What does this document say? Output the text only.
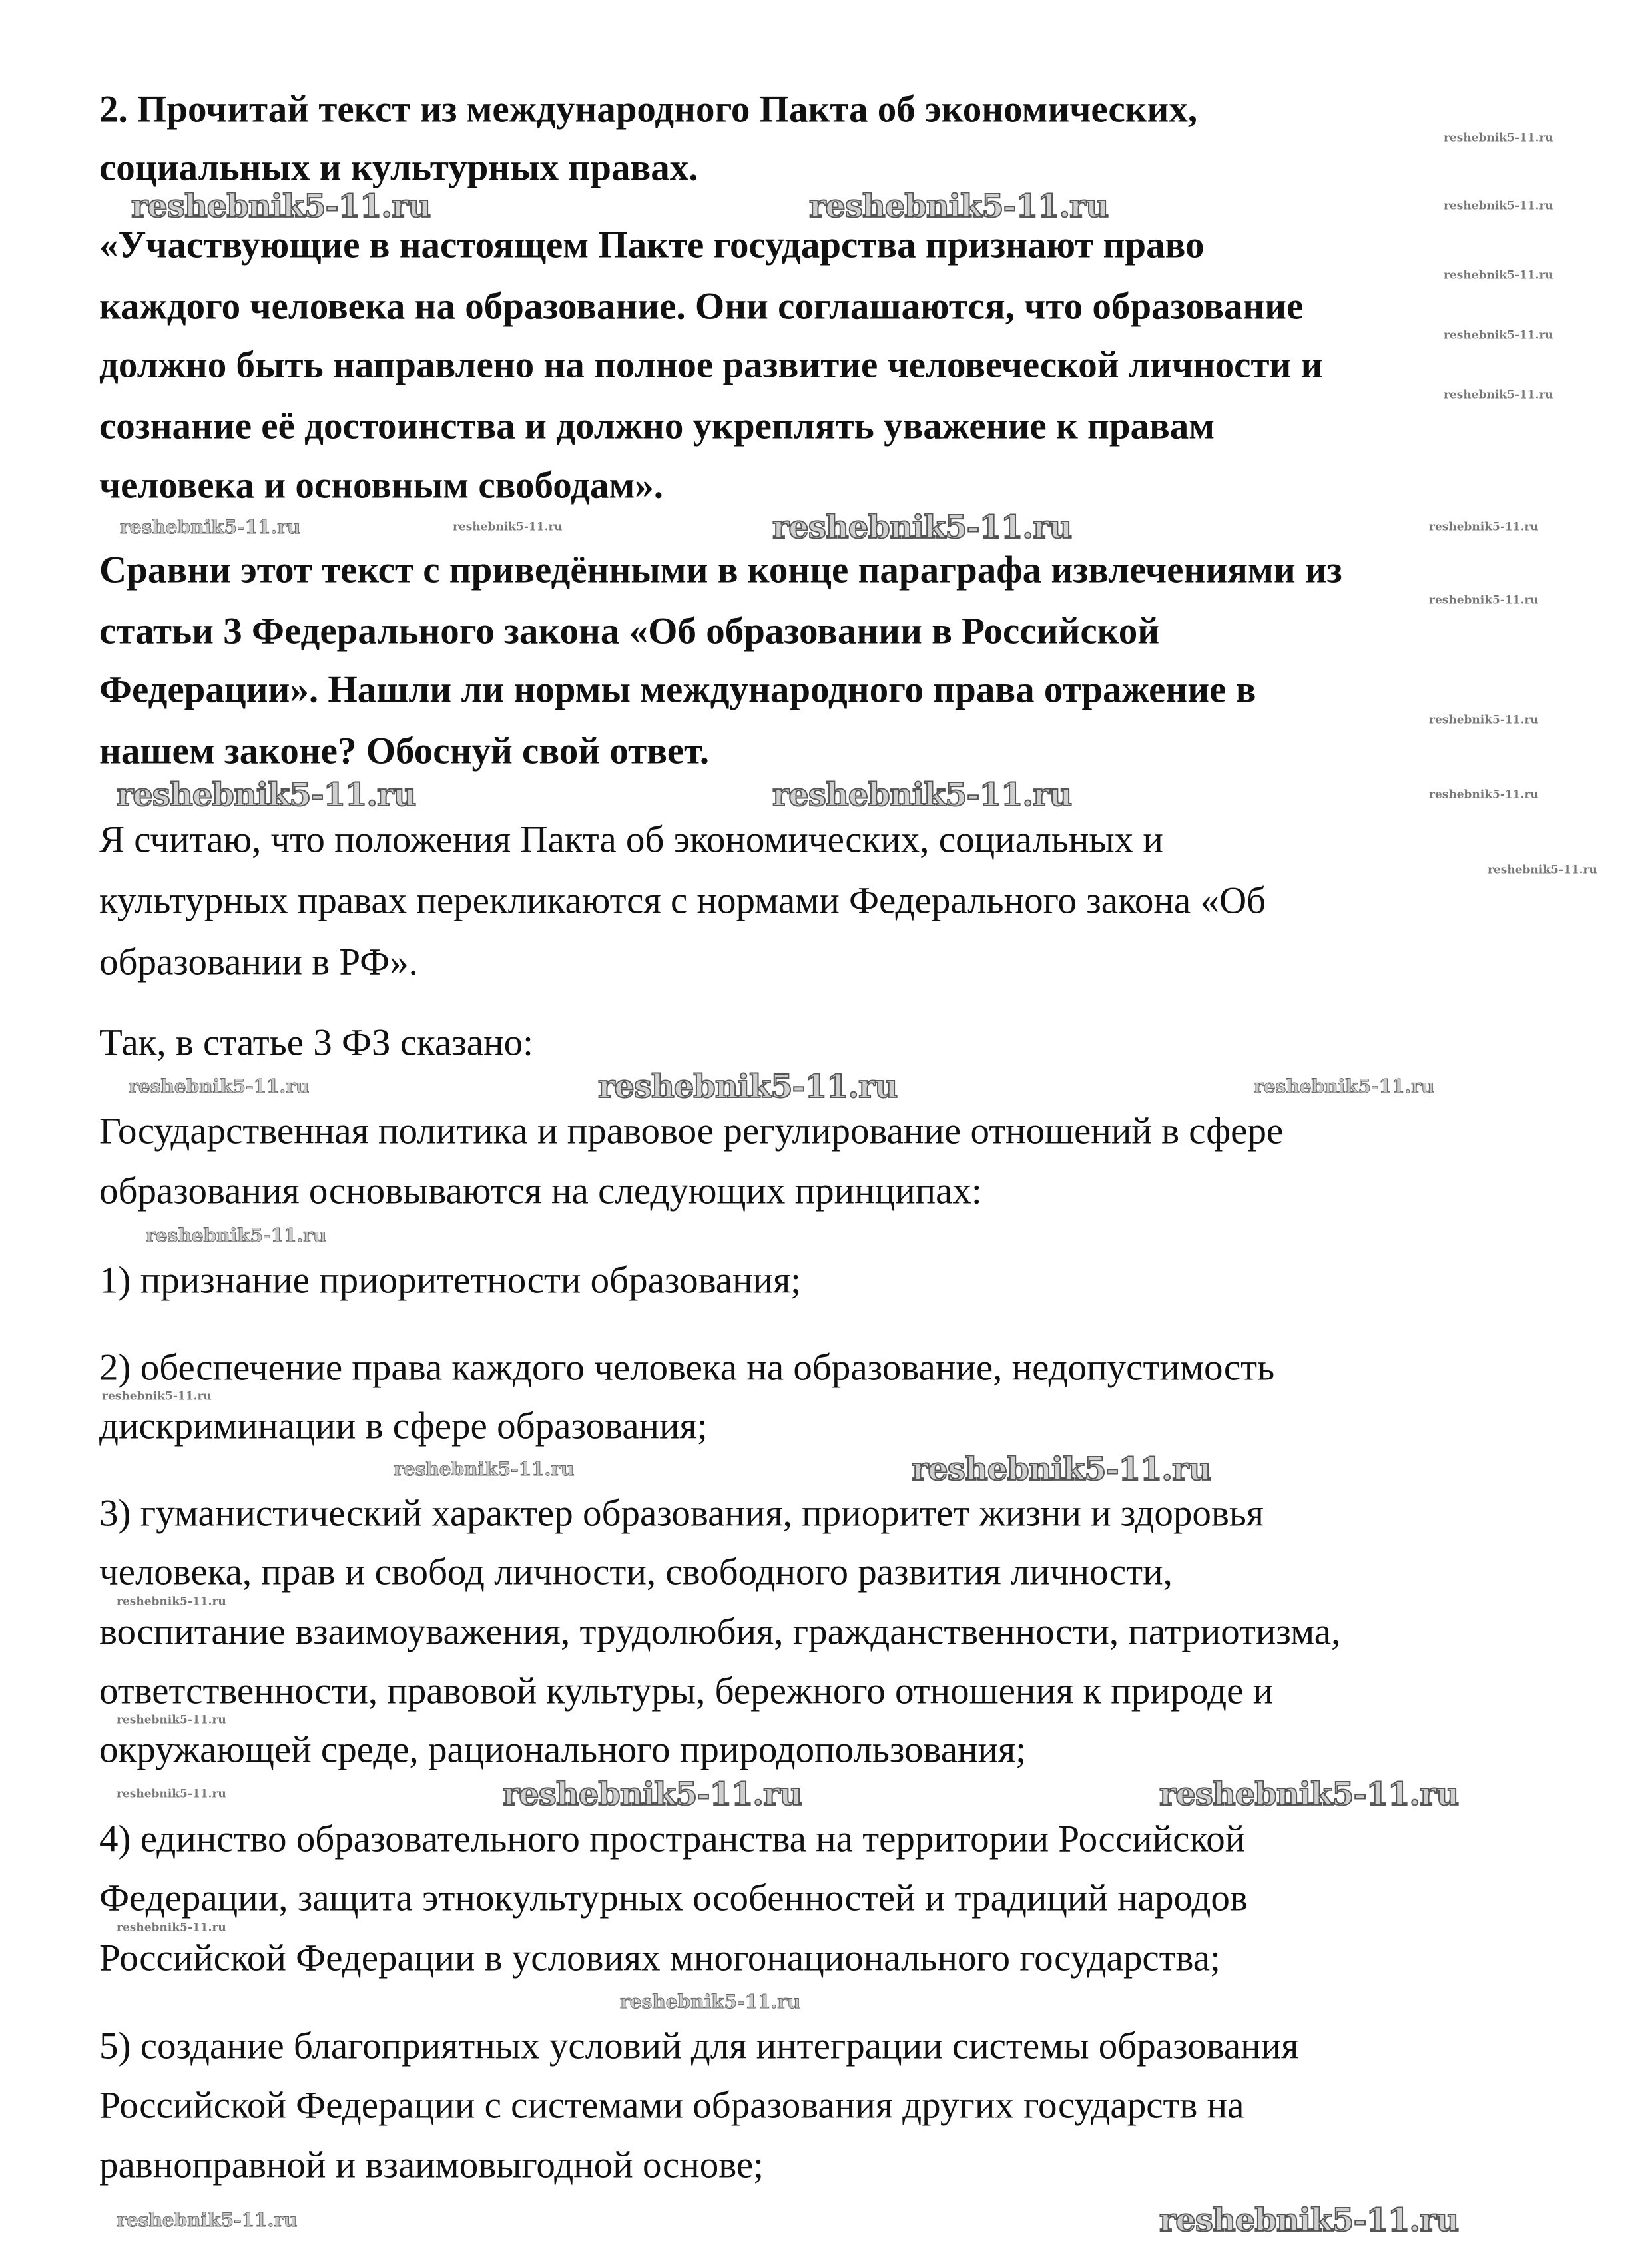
2. Прочитай текст из международного Пакта об экономических,
социальных и культурных правах.
«Участвующие в настоящем Пакте государства признают право
каждого человека на образование. Они соглашаются, что образование
должно быть направлено на полное развитие человеческой личности и
сознание её достоинства и должно укреплять уважение к правам
человека и основным свободам».
Сравни этот текст с приведёнными в конце параграфа извлечениями из
статьи 3 Федерального закона «Об образовании в Российской
Федерации». Нашли ли нормы международного права отражение в
нашем законе? Обоснуй свой ответ.
Я считаю, что положения Пакта об экономических, социальных и
культурных правах перекликаются с нормами Федерального закона «Об
образовании в РФ».
Так, в статье 3 ФЗ сказано:
Государственная политика и правовое регулирование отношений в сфере
образования основываются на следующих принципах:
1) признание приоритетности образования;
2) обеспечение права каждого человека на образование, недопустимость
дискриминации в сфере образования;
3) гуманистический характер образования, приоритет жизни и здоровья
человека, прав и свобод личности, свободного развития личности,
воспитание взаимоуважения, трудолюбия, гражданственности, патриотизма,
ответственности, правовой культуры, бережного отношения к природе и
окружающей среде, рационального природопользования;
4) единство образовательного пространства на территории Российской
Федерации, защита этнокультурных особенностей и традиций народов
Российской Федерации в условиях многонационального государства;
5) создание благоприятных условий для интеграции системы образования
Российской Федерации с системами образования других государств на
равноправной и взаимовыгодной основе;
reshebnik5-11.ru	reshebnik5-11.ru
reshebnik5-11.ru
reshebnik5-11.ru	reshebnik5-11.ru
reshebnik5-11.ru
reshebnik5-11.ru
reshebnik5-11.ru	reshebnik5-11.ru
reshebnik5-11.ru
reshebnik5-11.ru
reshebnik5-11.ru
reshebnik5-11.ru
reshebnik5-11.ru
reshebnik5-11.ru
reshebnik5-11.ru
reshebnik5-11.ru
reshebnik5-11.ru
reshebnik5-11.ru
reshebnik5-11.ru
reshebnik5-11.ru
reshebnik5-11.ru
reshebnik5-11.ru
reshebnik5-11.ru
reshebnik5-11.ru
reshebnik5-11.ru
reshebnik5-11.ru
reshebnik5-11.ru
reshebnik5-11.ru
reshebnik5-11.ru
reshebnik5-11.ru
reshebnik5-11.ru
reshebnik5-11.ru
